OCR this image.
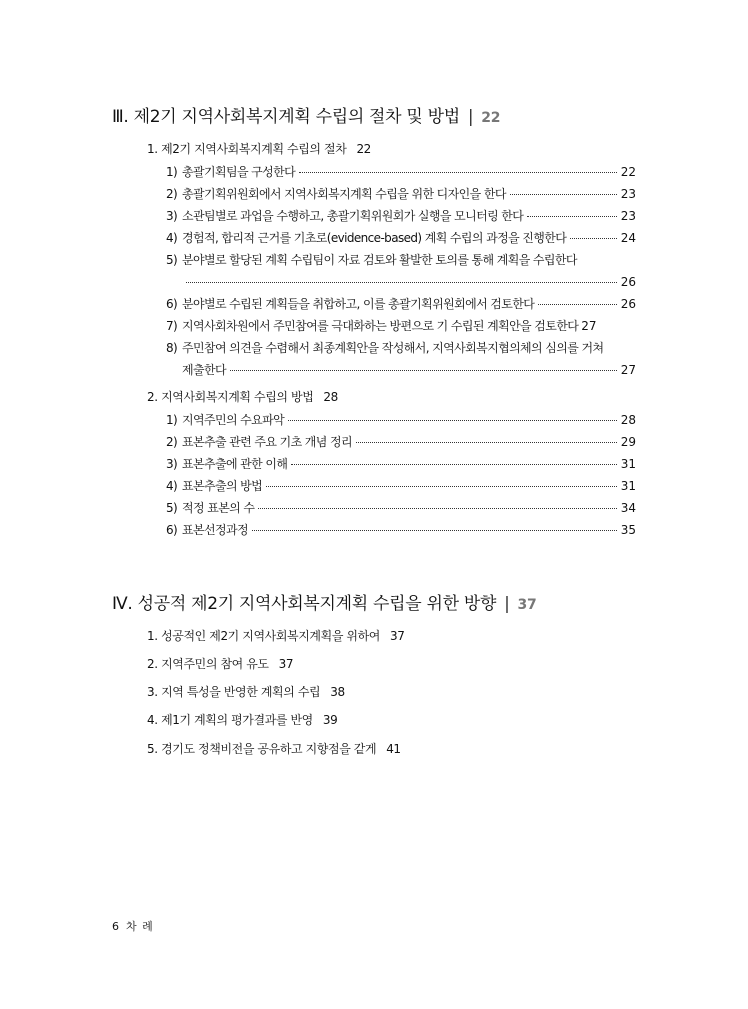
Ⅲ. 제2기 지역사회복지계획 수립의 절차 및 방법 | 22
1. 제2기 지역사회복지계획 수립의 절차 22
1) 총괄기획팀을 구성한다	22
2) 총괄기획위원회에서 지역사회복지계획 수립을 위한 디자인을 한다	23
3) 소관팀별로 과업을 수행하고, 총괄기획위원회가 실행을 모니터링 한다	23
4) 경험적, 합리적 근거를 기초로(evidence-based) 계획 수립의 과정을 진행한다	24
5) 분야별로 할당된 계획 수립팀이 자료 검토와 활발한 토의를 통해 계획을 수립한다
26
6) 분야별로 수립된 계획들을 취합하고, 이를 총괄기획위원회에서 검토한다	26
7) 지역사회차원에서 주민참여를 극대화하는 방편으로 기 수립된 계획안을 검토한다 27
8) 주민참여 의견을 수렴해서 최종계획안을 작성해서, 지역사회복지협의체의 심의를 거쳐
제출한다	27
2. 지역사회복지계획 수립의 방법 28
1) 지역주민의 수요파악	28
2) 표본추출 관련 주요 기초 개념 정리	29
3) 표본추출에 관한 이해	31
4) 표본추출의 방법	31
5) 적정 표본의 수	34
6) 표본선정과정	35
Ⅳ. 성공적 제2기 지역사회복지계획 수립을 위한 방향 | 37
1. 성공적인 제2기 지역사회복지계획을 위하여 37
2. 지역주민의 참여 유도 37
3. 지역 특성을 반영한 계획의 수립 38
4. 제1기 계획의 평가결과를 반영 39
5. 경기도 정책비전을 공유하고 지향점을 같게 41
6 차 례
